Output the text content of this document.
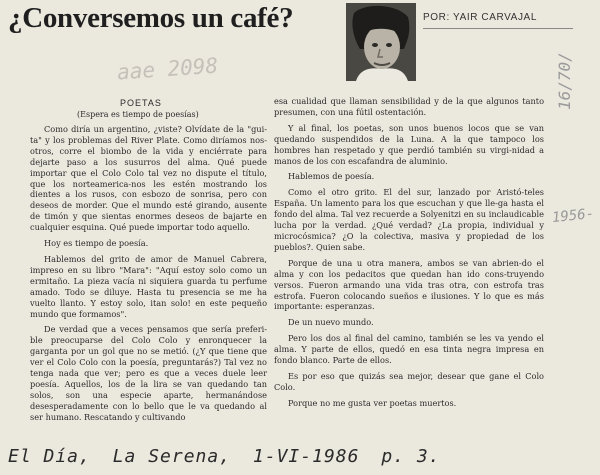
¿Conversemos un café?	POR: YAIR CARVAJAL
aae 2098	16/70/
1956-
POETAS
(Espera es tiempo de poesías)

Como diría un argentino, ¿viste? Olvídate de la "gui-ta" y los problemas del River Plate. Como diríamos nos-otros, corre el biombo de la vida y enciérrate para dejarte paso a los susurros del alma. Qué puede importar que el Colo Colo tal vez no dispute el título, que los norteamerica-nos les estén mostrando los dientes a los rusos, con esbozo de sonrisa, pero con deseos de morder. Que el mundo esté girando, ausente de timón y que sientas enormes deseos de bajarte en cualquier esquina. Qué puede importar todo aquello.

Hoy es tiempo de poesía.

Hablemos del grito de amor de Manuel Cabrera, impreso en su libro "Mara": "Aquí estoy solo como un ermitaño. La pieza vacía ni siquiera guarda tu perfume amado. Todo se diluye. Hasta tu presencia se me ha vuelto llanto. Y estoy solo, itan solo! en este pequeño mundo que formamos".

De verdad que a veces pensamos que sería preferi-ble preocuparse del Colo Colo y enronquecer la garganta por un gol que no se metió. (¿Y que tiene que ver el Colo Colo con la poesía, preguntarás?) Tal vez no tenga nada que ver; pero es que a veces duele leer poesía. Aquellos, los de la lira se van quedando tan solos, son una especie aparte, hermanándose desesperadamente con lo bello que le va quedando al ser humano. Rescatando y cultivando

esa cualidad que llaman sensibilidad y de la que algunos tanto presumen, con una fútil ostentación.

Y al final, los poetas, son unos buenos locos que se van quedando suspendidos de la Luna. A la que tampoco los hombres han respetado y que perdió también su virgi-nidad a manos de los con escafandra de aluminio.

Hablemos de poesía.

Como el otro grito. El del sur, lanzado por Aristó-teles España. Un lamento para los que escuchan y que lle-ga hasta el fondo del alma. Tal vez recuerde a Solyenitzi en su inclaudicable lucha por la verdad. ¿Qué verdad? ¿La propia, individual y microcósmica? ¿O la colectiva, masiva y propiedad de los pueblos?. Quien sabe.

Porque de una u otra manera, ambos se van abrien-do el alma y con los pedacitos que quedan han ido cons-truyendo versos. Fueron armando una vida tras otra, con estrofa tras estrofa. Fueron colocando sueños e ilusiones. Y lo que es más importante: esperanzas.

De un nuevo mundo.

Pero los dos al final del camino, también se les va yendo el alma. Y parte de ellos, quedó en esa tinta negra impresa en fondo blanco. Parte de ellos.

Es por eso que quizás sea mejor, desear que gane el Colo Colo.

Porque no me gusta ver poetas muertos.

El Día, La Serena, 1-VI-1986 p. 3.
